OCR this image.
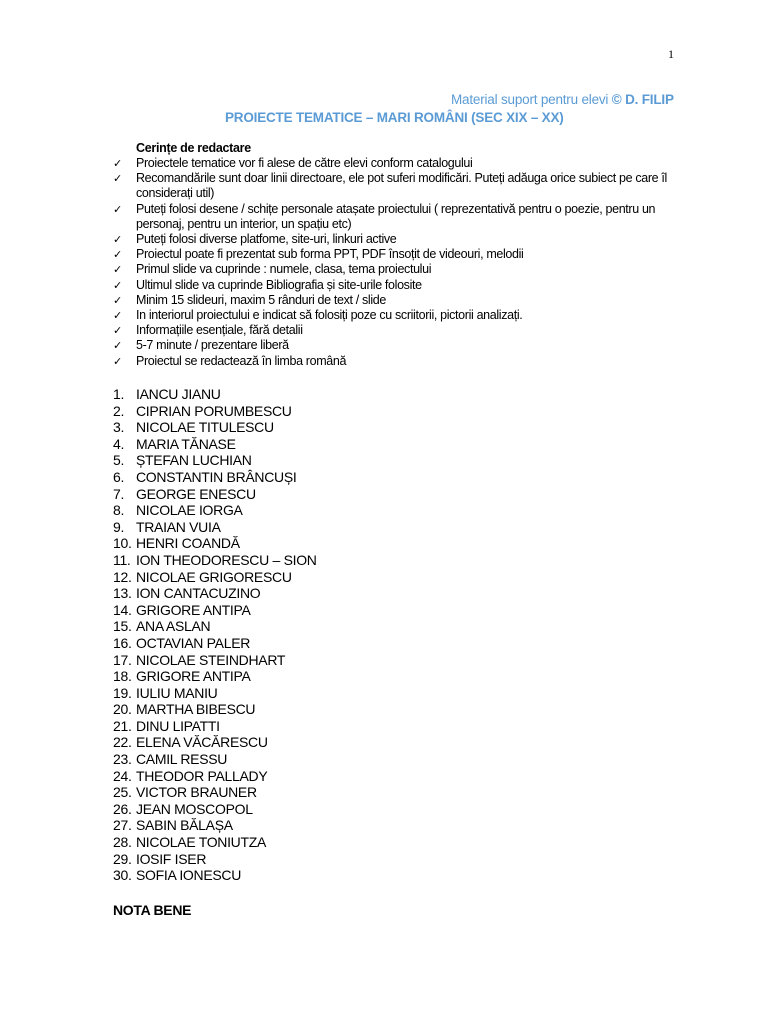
1
Material suport pentru elevi © D. FILIP
PROIECTE TEMATICE – MARI ROMÂNI (SEC XIX – XX)
Cerințe de redactare
✓ Proiectele tematice vor fi alese de către elevi conform catalogului
✓ Recomandările sunt doar linii directoare, ele pot suferi modificări. Puteți adăuga orice subiect pe care îl considerați util)
✓ Puteți folosi desene / schițe personale atașate proiectului ( reprezentativă pentru o poezie, pentru un personaj, pentru un interior, un spațiu etc)
✓ Puteți folosi diverse platfome, site-uri, linkuri active
✓ Proiectul poate fi prezentat sub forma PPT, PDF însoțit de videouri, melodii
✓ Primul slide va cuprinde : numele, clasa, tema proiectului
✓ Ultimul slide va cuprinde Bibliografia și site-urile folosite
✓ Minim 15 slideuri, maxim 5 rânduri de text / slide
✓ In interiorul proiectului e indicat să folosiți poze cu scriitorii, pictorii analizați.
✓ Informațiile esențiale, fără detalii
✓ 5-7 minute / prezentare liberă
✓ Proiectul se redactează în limba română
1. IANCU JIANU
2. CIPRIAN PORUMBESCU
3. NICOLAE TITULESCU
4. MARIA TĂNASE
5. ȘTEFAN LUCHIAN
6. CONSTANTIN BRÂNCUȘI
7. GEORGE ENESCU
8. NICOLAE IORGA
9. TRAIAN VUIA
10. HENRI COANDĂ
11. ION THEODORESCU – SION
12. NICOLAE GRIGORESCU
13. ION CANTACUZINO
14. GRIGORE ANTIPA
15. ANA ASLAN
16. OCTAVIAN PALER
17. NICOLAE STEINDHART
18. GRIGORE ANTIPA
19. IULIU MANIU
20. MARTHA BIBESCU
21. DINU LIPATTI
22. ELENA VĂCĂRESCU
23. CAMIL RESSU
24. THEODOR PALLADY
25. VICTOR BRAUNER
26. JEAN MOSCOPOL
27. SABIN BĂLAȘA
28. NICOLAE TONIUTZA
29. IOSIF ISER
30. SOFIA IONESCU
NOTA BENE
